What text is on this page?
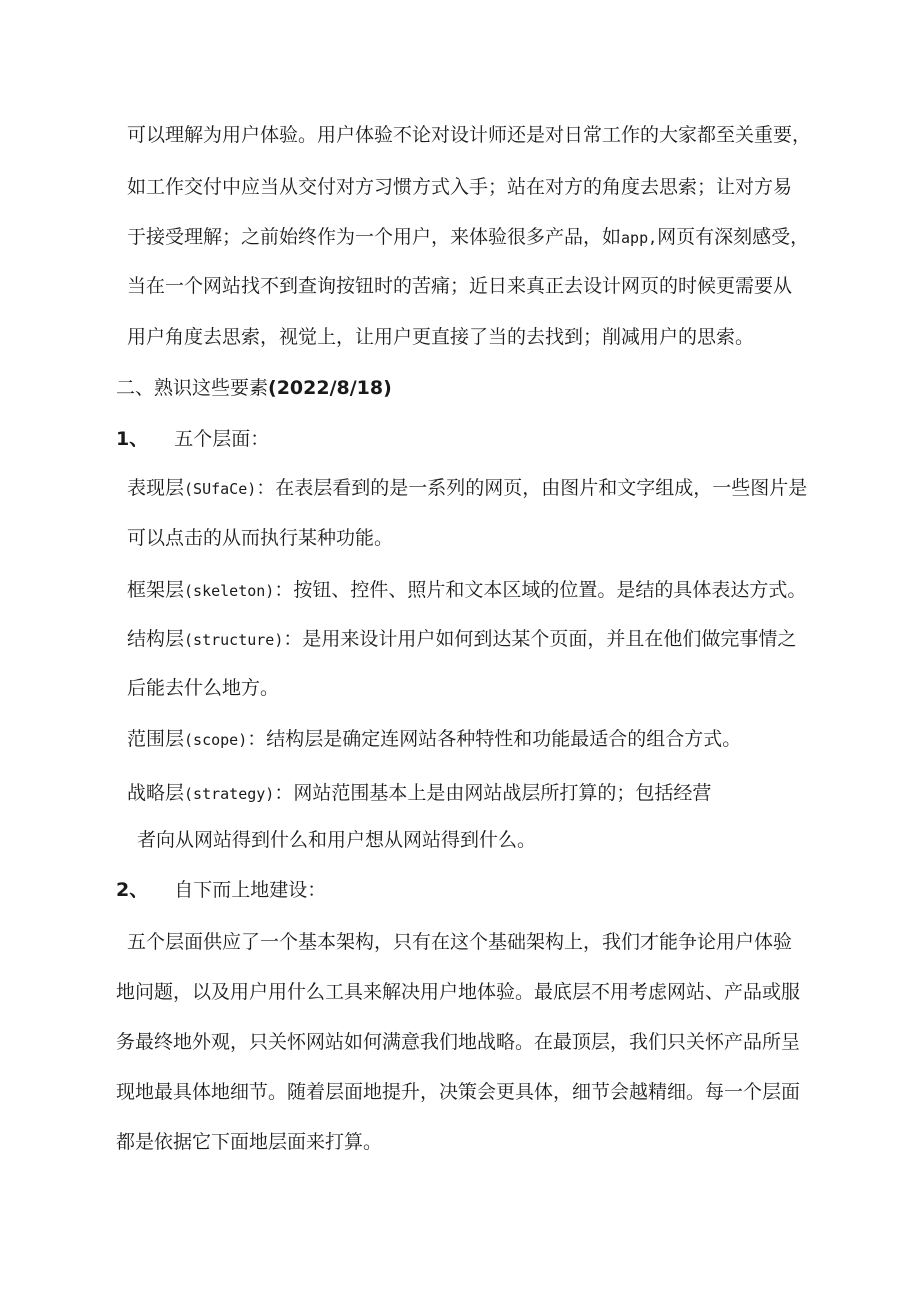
可以理解为用户体验。用户体验不论对设计师还是对日常工作的大家都至关重要，
如工作交付中应当从交付对方习惯方式入手；站在对方的角度去思索；让对方易
于接受理解；之前始终作为一个用户，来体验很多产品，如app,网页有深刻感受，
当在一个网站找不到查询按钮时的苦痛；近日来真正去设计网页的时候更需要从
用户角度去思索，视觉上，让用户更直接了当的去找到；削减用户的思索。
二、熟识这些要素(2022/8/18)
1、 五个层面：
表现层(SUfaCe)：在表层看到的是一系列的网页，由图片和文字组成，一些图片是
可以点击的从而执行某种功能。
框架层(skeleton)：按钮、控件、照片和文本区域的位置。是结的具体表达方式。
结构层(structure)：是用来设计用户如何到达某个页面，并且在他们做完事情之
后能去什么地方。
范围层(scope)：结构层是确定连网站各种特性和功能最适合的组合方式。
战略层(strategy)：网站范围基本上是由网站战层所打算的；包括经营
者向从网站得到什么和用户想从网站得到什么。
2、 自下而上地建设：
五个层面供应了一个基本架构，只有在这个基础架构上，我们才能争论用户体验
地问题，以及用户用什么工具来解决用户地体验。最底层不用考虑网站、产品或服
务最终地外观，只关怀网站如何满意我们地战略。在最顶层，我们只关怀产品所呈
现地最具体地细节。随着层面地提升，决策会更具体，细节会越精细。每一个层面
都是依据它下面地层面来打算。
